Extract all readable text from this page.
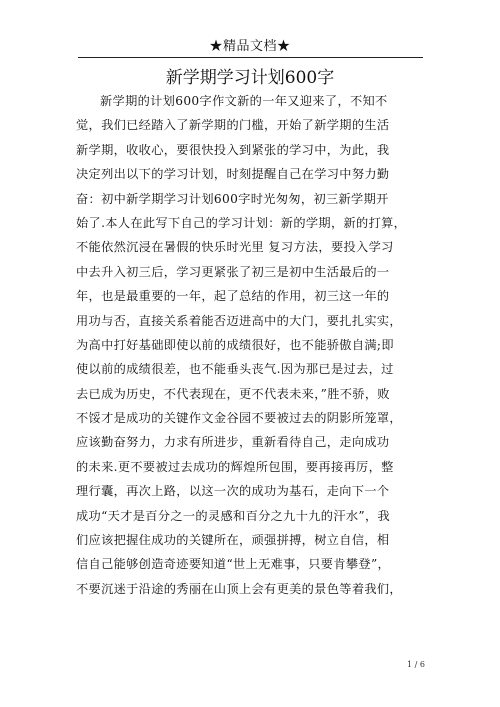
★精品文档★
新学期学习计划600字
新学期的计划600字作文新的一年又迎来了，不知不
觉，我们已经踏入了新学期的门槛，开始了新学期的生活
新学期，收收心，要很快投入到紧张的学习中，为此，我
决定列出以下的学习计划，时刻提醒自己在学习中努力勤
奋：初中新学期学习计划600字时光匆匆，初三新学期开
始了.本人在此写下自己的学习计划：新的学期，新的打算，
不能依然沉浸在暑假的快乐时光里 复习方法，要投入学习
中去升入初三后，学习更紧张了初三是初中生活最后的一
年，也是最重要的一年，起了总结的作用，初三这一年的
用功与否，直接关系着能否迈进高中的大门，要扎扎实实，
为高中打好基础即使以前的成绩很好，也不能骄傲自满;即
使以前的成绩很差，也不能垂头丧气.因为那已是过去，过
去已成为历史，不代表现在，更不代表未来，”胜不骄，败
不馁才是成功的关键作文金谷园不要被过去的阴影所笼罩，
应该勤奋努力，力求有所进步，重新看待自己，走向成功
的未来.更不要被过去成功的辉煌所包围，要再接再厉，整
理行囊，再次上路，以这一次的成功为基石，走向下一个
成功“天才是百分之一的灵感和百分之九十九的汗水”，我
们应该把握住成功的关键所在，顽强拼搏，树立自信，相
信自己能够创造奇迹要知道“世上无难事，只要肯攀登”，
不要沉迷于沿途的秀丽在山顶上会有更美的景色等着我们，
1 / 6
